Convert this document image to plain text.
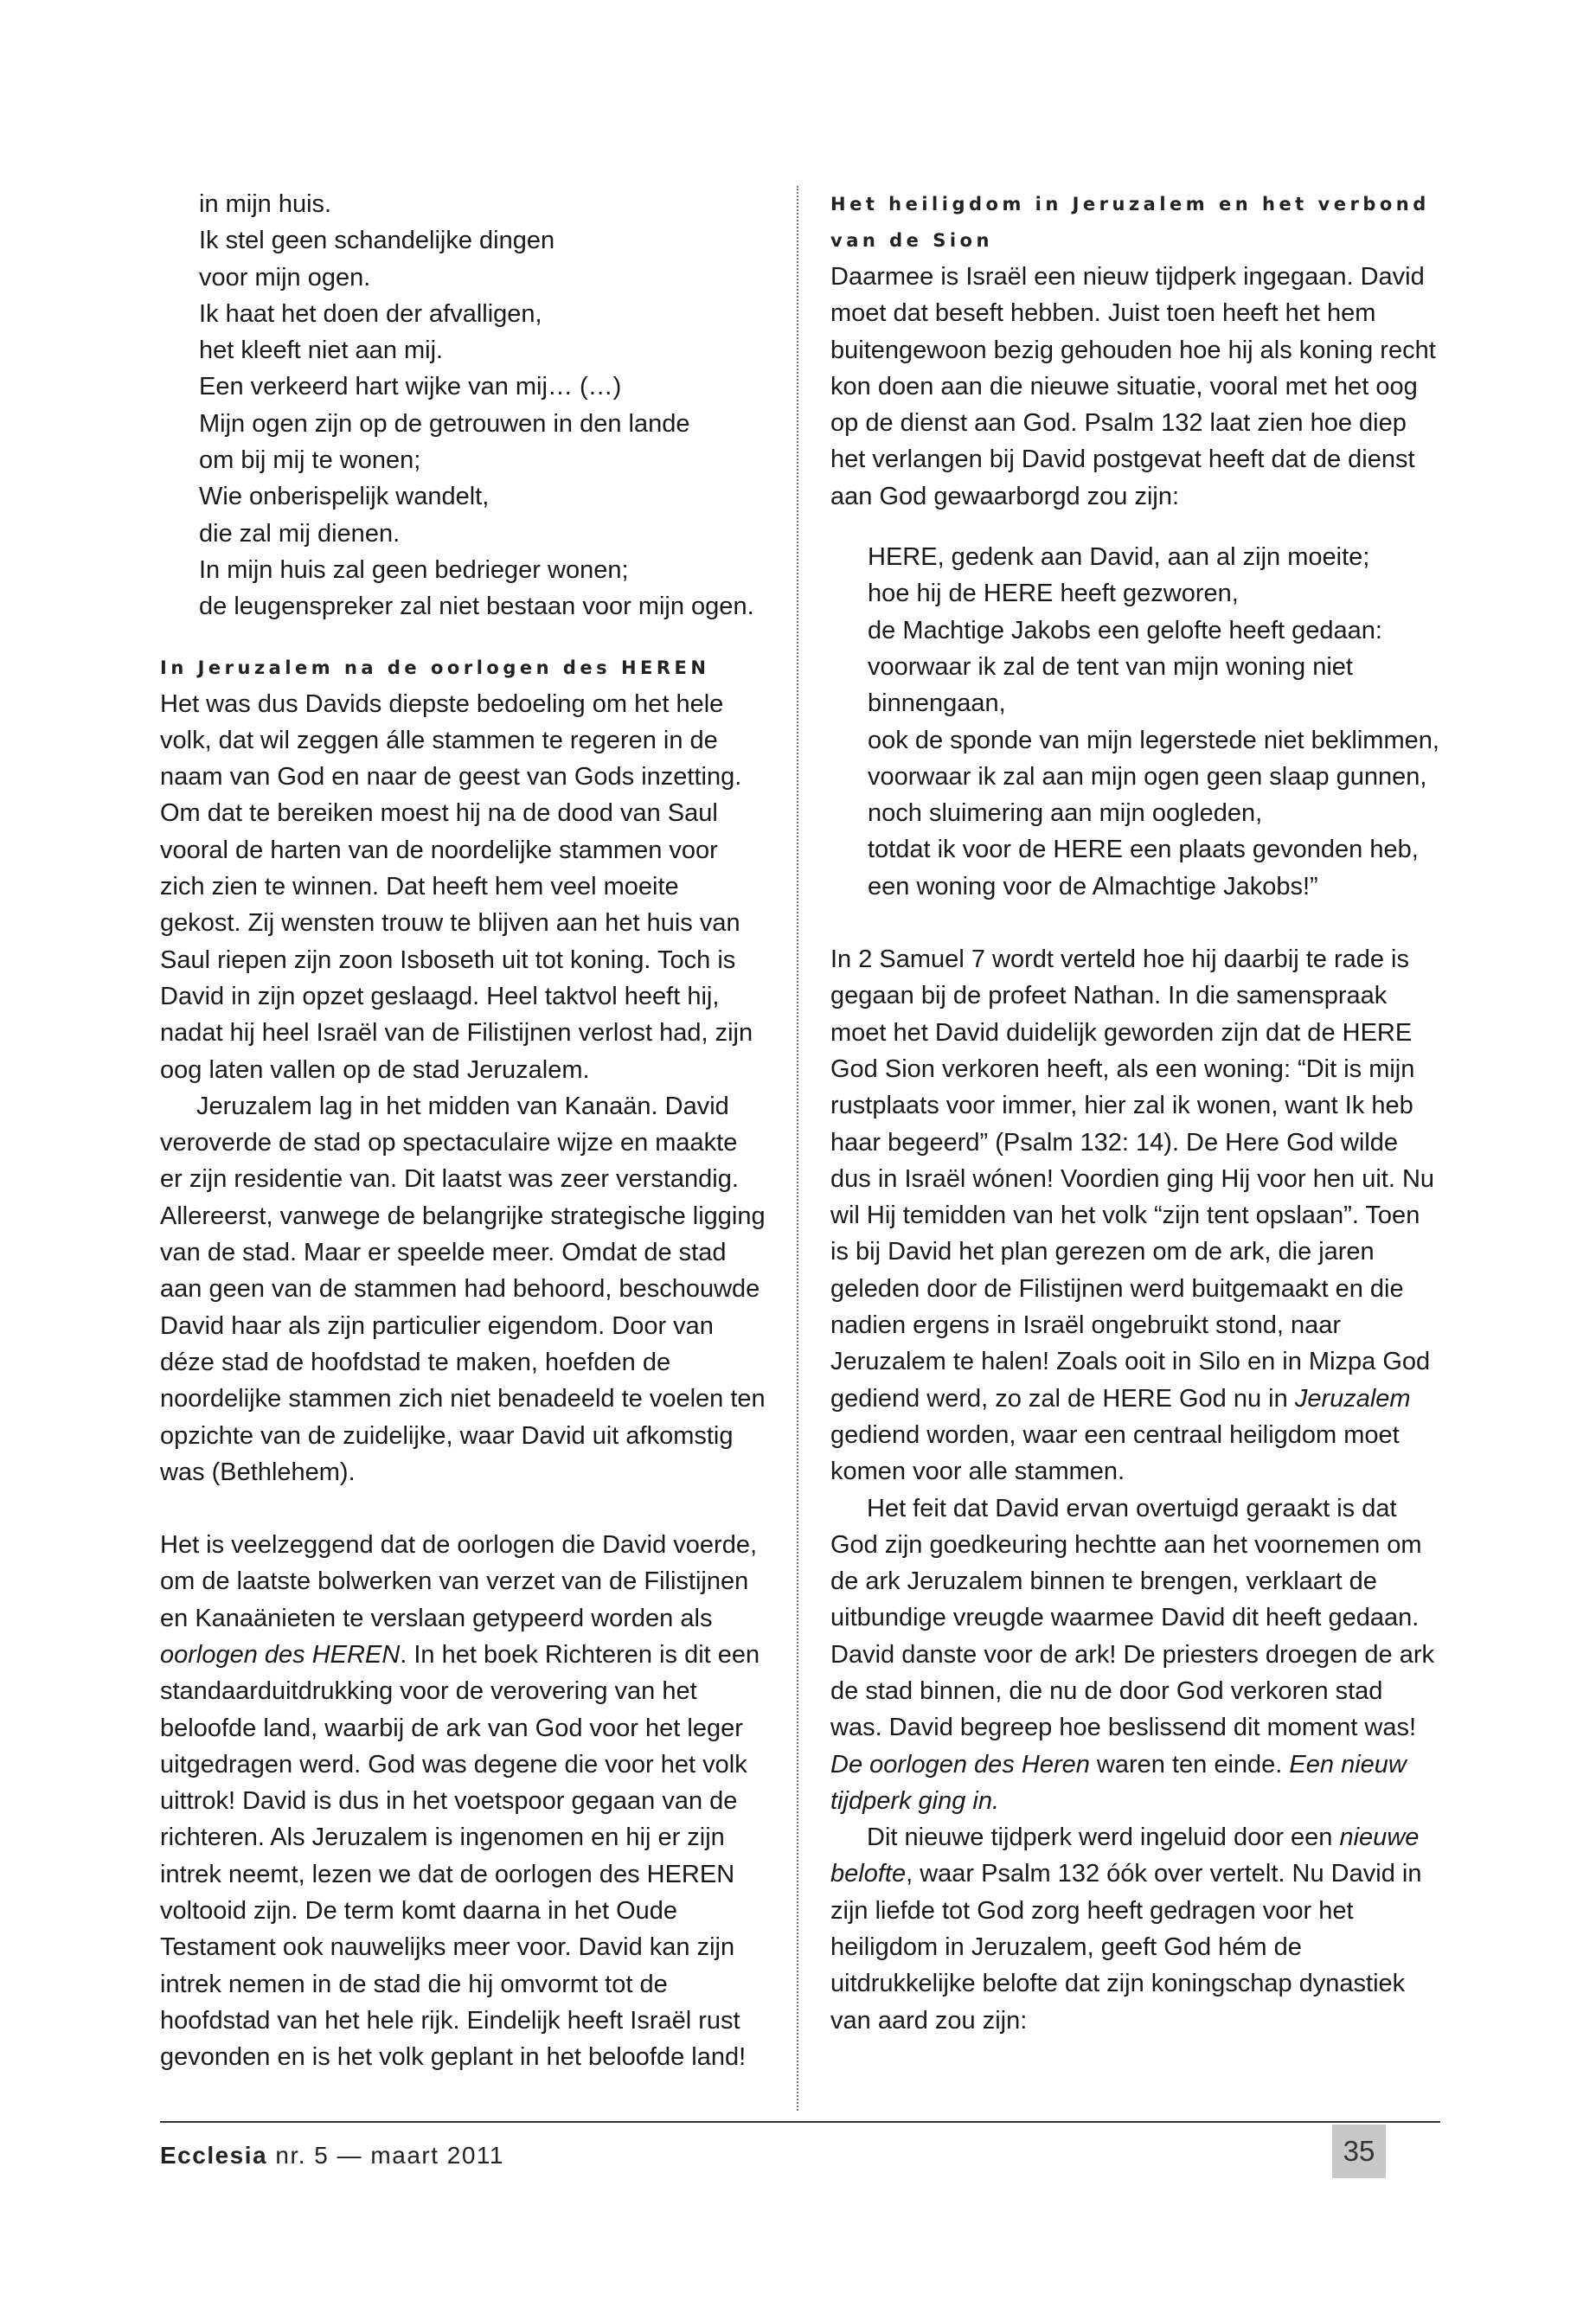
in mijn huis.

Ik stel geen schandelijke dingen

voor mijn ogen.

Ik haat het doen der afvalligen,

het kleeft niet aan mij.

Een verkeerd hart wijke van mij… (…)

Mijn ogen zijn op de getrouwen in den lande

om bij mij te wonen;

Wie onberispelijk wandelt,

die zal mij dienen.

In mijn huis zal geen bedrieger wonen;

de leugenspreker zal niet bestaan voor mijn ogen.

In Jeruzalem na de oorlogen des HEREN

Het was dus Davids diepste bedoeling om het hele volk, dat wil zeggen álle stammen te regeren in de naam van God en naar de geest van Gods inzetting. Om dat te bereiken moest hij na de dood van Saul vooral de harten van de noordelijke stammen voor zich zien te winnen. Dat heeft hem veel moeite gekost. Zij wensten trouw te blijven aan het huis van Saul riepen zijn zoon Isboseth uit tot koning. Toch is David in zijn opzet geslaagd. Heel taktvol heeft hij, nadat hij heel Israël van de Filistijnen verlost had, zijn oog laten vallen op de stad Jeruzalem.

Jeruzalem lag in het midden van Kanaän. David veroverde de stad op spectaculaire wijze en maakte er zijn residentie van. Dit laatst was zeer verstandig. Allereerst, vanwege de belangrijke strategische ligging van de stad. Maar er speelde meer. Omdat de stad aan geen van de stammen had behoord, beschouwde David haar als zijn particulier eigendom. Door van déze stad de hoofdstad te maken, hoefden de noordelijke stammen zich niet benadeeld te voelen ten opzichte van de zuidelijke, waar David uit afkomstig was (Bethlehem).

Het is veelzeggend dat de oorlogen die David voerde, om de laatste bolwerken van verzet van de Filistijnen en Kanaänieten te verslaan getypeerd worden als oorlogen des HEREN. In het boek Richteren is dit een standaarduitdrukking voor de verovering van het beloofde land, waarbij de ark van God voor het leger uitgedragen werd. God was degene die voor het volk uittrok! David is dus in het voetspoor gegaan van de richteren. Als Jeruzalem is ingenomen en hij er zijn intrek neemt, lezen we dat de oorlogen des HEREN voltooid zijn. De term komt daarna in het Oude Testament ook nauwelijks meer voor. David kan zijn intrek nemen in de stad die hij omvormt tot de hoofdstad van het hele rijk. Eindelijk heeft Israël rust gevonden en is het volk geplant in het beloofde land!

Het heiligdom in Jeruzalem en het verbond van de Sion

Daarmee is Israël een nieuw tijdperk ingegaan. David moet dat beseft hebben. Juist toen heeft het hem buitengewoon bezig gehouden hoe hij als koning recht kon doen aan die nieuwe situatie, vooral met het oog op de dienst aan God. Psalm 132 laat zien hoe diep het verlangen bij David postgevat heeft dat de dienst aan God gewaarborgd zou zijn:

HERE, gedenk aan David, aan al zijn moeite;

hoe hij de HERE heeft gezworen,

de Machtige Jakobs een gelofte heeft gedaan:

voorwaar ik zal de tent van mijn woning niet

binnengaan,

ook de sponde van mijn legerstede niet beklimmen,

voorwaar ik zal aan mijn ogen geen slaap gunnen,

noch sluimering aan mijn oogleden,

totdat ik voor de HERE een plaats gevonden heb,

een woning voor de Almachtige Jakobs!”

In 2 Samuel 7 wordt verteld hoe hij daarbij te rade is gegaan bij de profeet Nathan. In die samenspraak moet het David duidelijk geworden zijn dat de HERE God Sion verkoren heeft, als een woning: “Dit is mijn rustplaats voor immer, hier zal ik wonen, want Ik heb haar begeerd” (Psalm 132: 14). De Here God wilde dus in Israël wónen! Voordien ging Hij voor hen uit. Nu wil Hij temidden van het volk “zijn tent opslaan”. Toen is bij David het plan gerezen om de ark, die jaren geleden door de Filistijnen werd buitgemaakt en die nadien ergens in Israël ongebruikt stond, naar Jeruzalem te halen! Zoals ooit in Silo en in Mizpa God gediend werd, zo zal de HERE God nu in Jeruzalem gediend worden, waar een centraal heiligdom moet komen voor alle stammen.

Het feit dat David ervan overtuigd geraakt is dat God zijn goedkeuring hechtte aan het voornemen om de ark Jeruzalem binnen te brengen, verklaart de uitbundige vreugde waarmee David dit heeft gedaan. David danste voor de ark! De priesters droegen de ark de stad binnen, die nu de door God verkoren stad was. David begreep hoe beslissend dit moment was! De oorlogen des Heren waren ten einde. Een nieuw tijdperk ging in.

Dit nieuwe tijdperk werd ingeluid door een nieuwe belofte, waar Psalm 132 óók over vertelt. Nu David in zijn liefde tot God zorg heeft gedragen voor het heiligdom in Jeruzalem, geeft God hém de uitdrukkelijke belofte dat zijn koningschap dynastiek van aard zou zijn:

Ecclesia nr. 5 — maart 2011	35
